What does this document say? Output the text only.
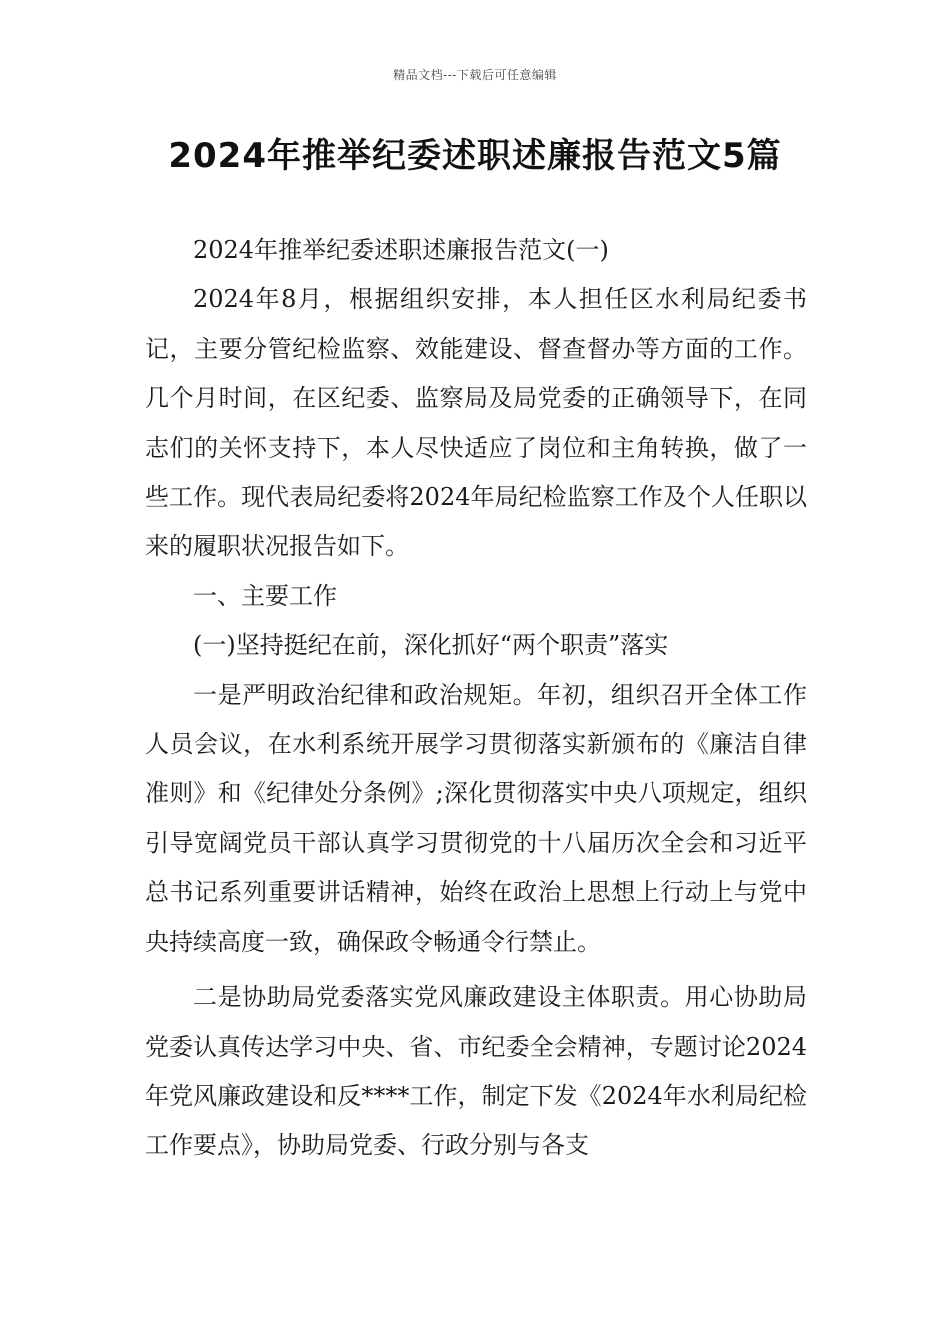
精品文档---下载后可任意编辑
2024年推举纪委述职述廉报告范文5篇

2024年推举纪委述职述廉报告范文(一)

2024年8月，根据组织安排，本人担任区水利局纪委书记，主要分管纪检监察、效能建设、督查督办等方面的工作。几个月时间，在区纪委、监察局及局党委的正确领导下，在同志们的关怀支持下，本人尽快适应了岗位和主角转换，做了一些工作。现代表局纪委将2024年局纪检监察工作及个人任职以来的履职状况报告如下。

一、主要工作

(一)坚持挺纪在前，深化抓好“两个职责”落实

一是严明政治纪律和政治规矩。年初，组织召开全体工作人员会议，在水利系统开展学习贯彻落实新颁布的《廉洁自律准则》和《纪律处分条例》;深化贯彻落实中央八项规定，组织引导宽阔党员干部认真学习贯彻党的十八届历次全会和习近平总书记系列重要讲话精神，始终在政治上思想上行动上与党中央持续高度一致，确保政令畅通令行禁止。

二是协助局党委落实党风廉政建设主体职责。用心协助局党委认真传达学习中央、省、市纪委全会精神，专题讨论2024年党风廉政建设和反****工作，制定下发《2024年水利局纪检工作要点》，协助局党委、行政分别与各支
